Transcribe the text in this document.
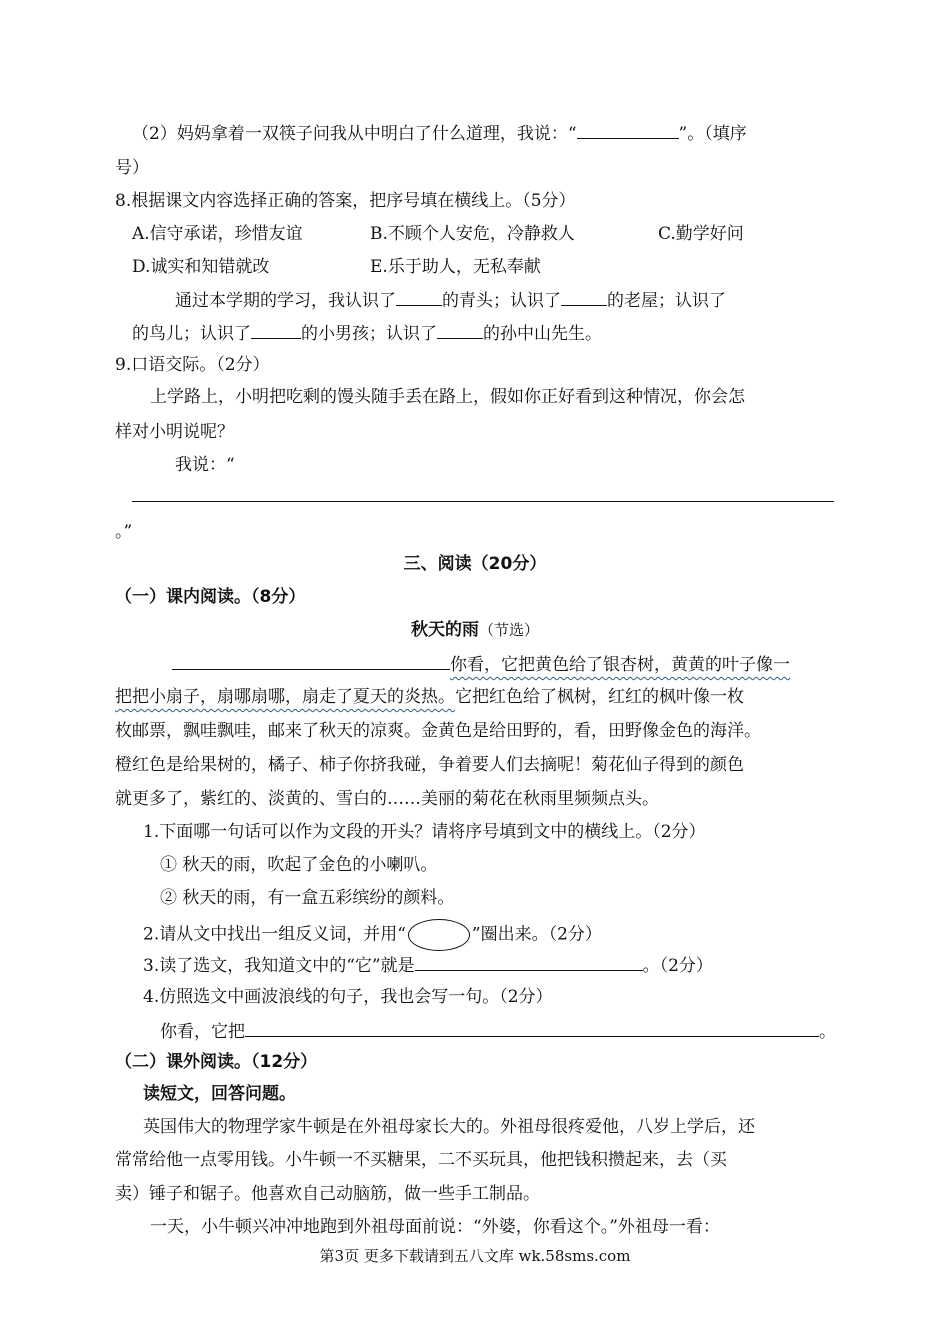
（2）妈妈拿着一双筷子问我从中明白了什么道理，我说：“	”。（填序
号）
8.根据课文内容选择正确的答案，把序号填在横线上。（5分）
A.信守承诺，珍惜友谊	B.不顾个人安危，冷静救人	C.勤学好问
D.诚实和知错就改	E.乐于助人，无私奉献
通过本学期的学习，我认识了	的青头；认识了	的老屋；认识了
的鸟儿；认识了	的小男孩；认识了	的孙中山先生。
9.口语交际。（2分）
上学路上，小明把吃剩的馒头随手丢在路上，假如你正好看到这种情况，你会怎
样对小明说呢？
我说：“
。”
三、阅读（20分）
（一）课内阅读。（8分）
秋天的雨（节选）
你看，它把黄色给了银杏树，黄黄的叶子像一
把把小扇子，扇哪扇哪，扇走了夏天的炎热。它把红色给了枫树，红红的枫叶像一枚
枚邮票，飘哇飘哇，邮来了秋天的凉爽。金黄色是给田野的，看，田野像金色的海洋。
橙红色是给果树的，橘子、柿子你挤我碰，争着要人们去摘呢！菊花仙子得到的颜色
就更多了，紫红的、淡黄的、雪白的……美丽的菊花在秋雨里频频点头。
1.下面哪一句话可以作为文段的开头？请将序号填到文中的横线上。（2分）
① 秋天的雨，吹起了金色的小喇叭。
② 秋天的雨，有一盒五彩缤纷的颜料。
2.请从文中找出一组反义词，并用“ ○ ”圈出来。（2分）
3.读了选文，我知道文中的“它”就是	。（2分）
4.仿照选文中画波浪线的句子，我也会写一句。（2分）
你看，它把	。
（二）课外阅读。（12分）
读短文，回答问题。
英国伟大的物理学家牛顿是在外祖母家长大的。外祖母很疼爱他，八岁上学后，还
常常给他一点零用钱。小牛顿一不买糖果，二不买玩具，他把钱积攒起来，去（买
卖）锤子和锯子。他喜欢自己动脑筋，做一些手工制品。
一天，小牛顿兴冲冲地跑到外祖母面前说：“外婆，你看这个。”外祖母一看：
第3页 更多下载请到五八文库 wk.58sms.com
